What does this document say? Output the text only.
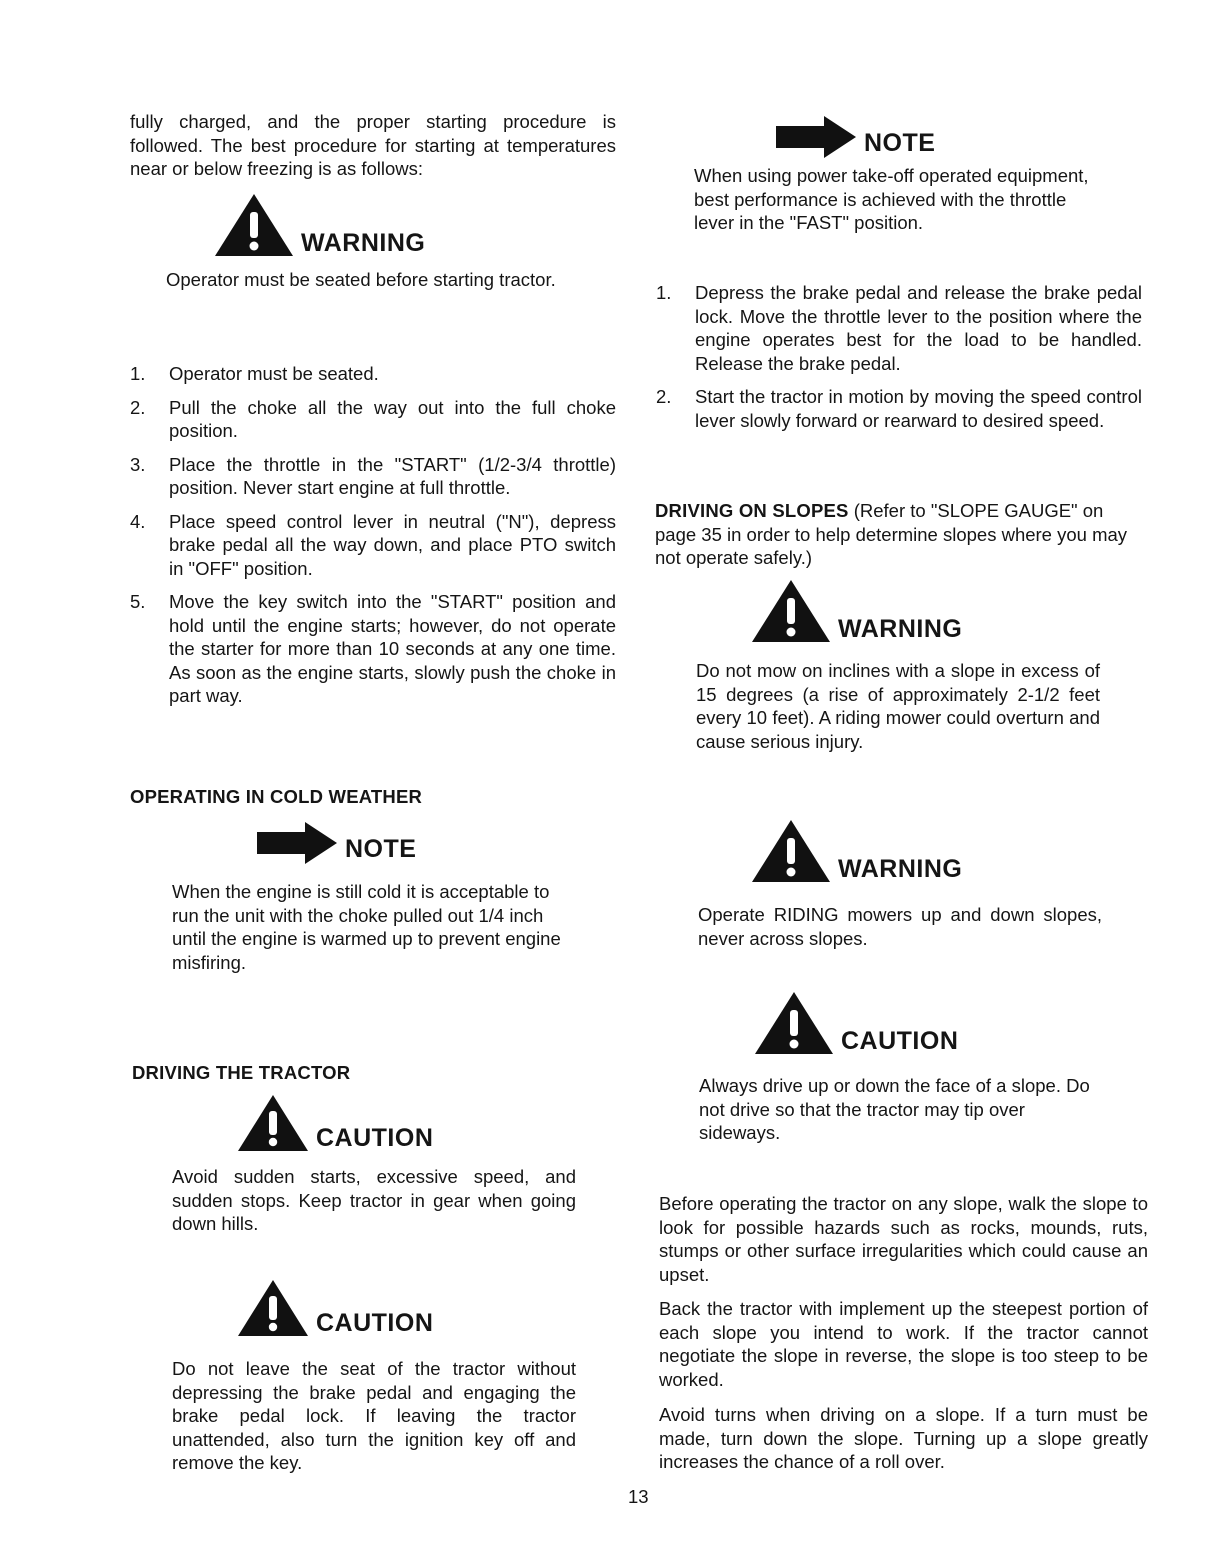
fully charged, and the proper starting procedure is followed. The best procedure for starting at temperatures near or below freezing is as follows:

WARNING

Operator must be seated before starting tractor.

1. Operator must be seated.
2. Pull the choke all the way out into the full choke position.
3. Place the throttle in the "START" (1/2-3/4 throttle) position. Never start engine at full throttle.
4. Place speed control lever in neutral ("N"), depress brake pedal all the way down, and place PTO switch in "OFF" position.
5. Move the key switch into the "START" position and hold until the engine starts; however, do not operate the starter for more than 10 seconds at any one time. As soon as the engine starts, slowly push the choke in part way.
OPERATING IN COLD WEATHER
NOTE

When the engine is still cold it is acceptable to run the unit with the choke pulled out 1/4 inch until the engine is warmed up to prevent engine misfiring.

DRIVING THE TRACTOR
CAUTION

Avoid sudden starts, excessive speed, and sudden stops. Keep tractor in gear when going down hills.

CAUTION

Do not leave the seat of the tractor without depressing the brake pedal and engaging the brake pedal lock. If leaving the tractor unattended, also turn the ignition key off and remove the key.

NOTE

When using power take-off operated equipment, best performance is achieved with the throttle lever in the "FAST" position.

1. Depress the brake pedal and release the brake pedal lock. Move the throttle lever to the position where the engine operates best for the load to be handled. Release the brake pedal.
2. Start the tractor in motion by moving the speed control lever slowly forward or rearward to desired speed.

DRIVING ON SLOPES (Refer to "SLOPE GAUGE" on page 35 in order to help determine slopes where you may not operate safely.)

WARNING

Do not mow on inclines with a slope in excess of 15 degrees (a rise of approximately 2-1/2 feet every 10 feet). A riding mower could overturn and cause serious injury.

WARNING

Operate RIDING mowers up and down slopes, never across slopes.

CAUTION

Always drive up or down the face of a slope. Do not drive so that the tractor may tip over sideways.

Before operating the tractor on any slope, walk the slope to look for possible hazards such as rocks, mounds, ruts, stumps or other surface irregularities which could cause an upset.

Back the tractor with implement up the steepest portion of each slope you intend to work. If the tractor cannot negotiate the slope in reverse, the slope is too steep to be worked.

Avoid turns when driving on a slope. If a turn must be made, turn down the slope. Turning up a slope greatly increases the chance of a roll over.

13
